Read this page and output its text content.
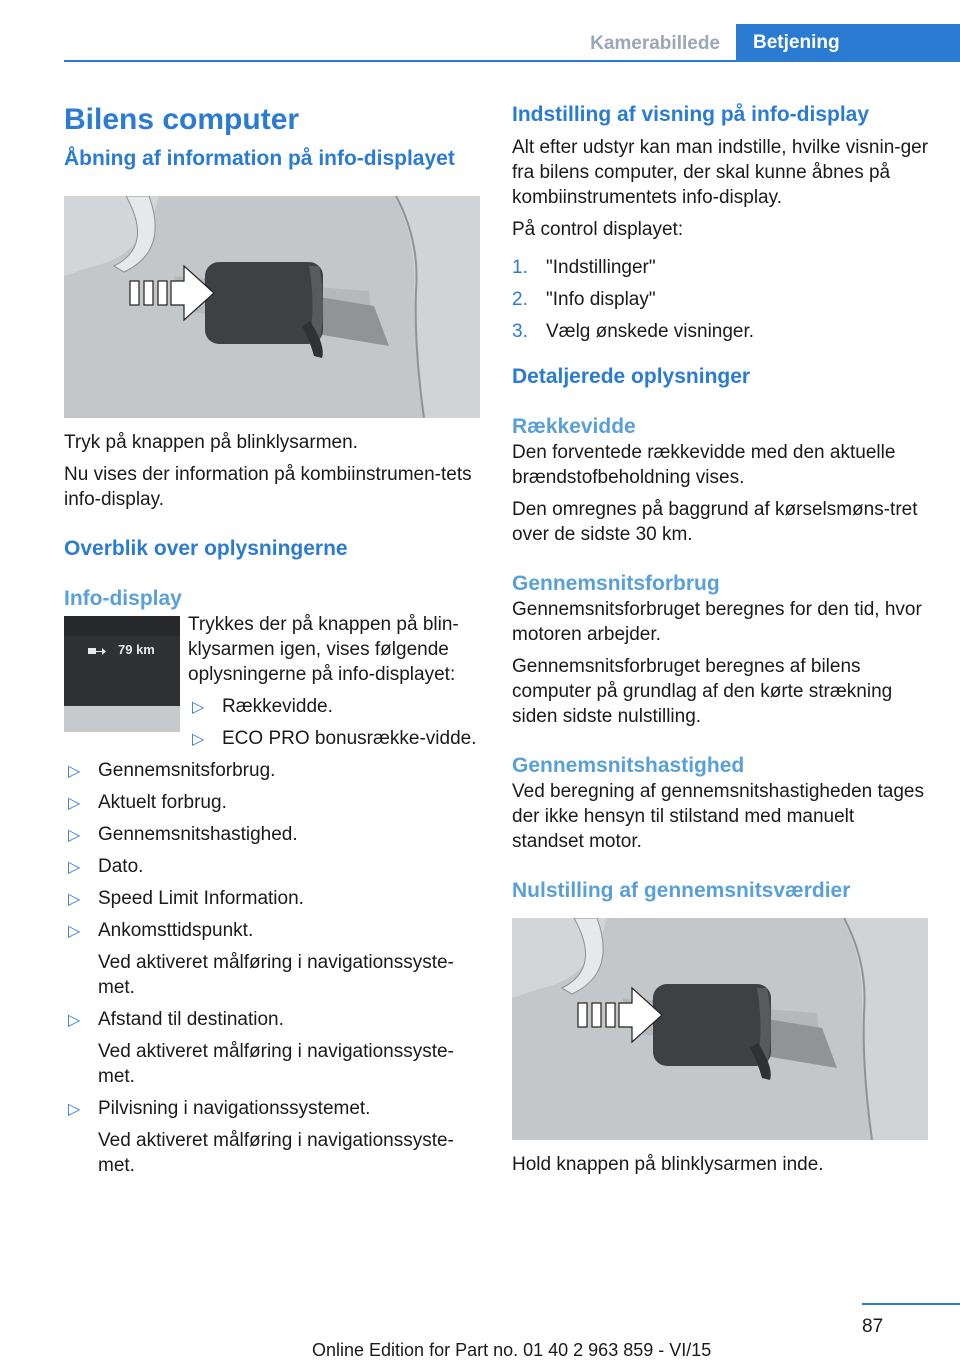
Kamerabillede	Betjening
Bilens computer
Åbning af information på info-displayet

Tryk på knappen på blinklysarmen.

Nu vises der information på kombiinstrumen-tets info-display.

Overblik over oplysningerne
Info-display
79 km

Trykkes der på knappen på blin-klysarmen igen, vises følgende oplysningerne på info-displayet:

▷ Rækkevidde.
▷ ECO PRO bonusrække-vidde.
▷ Gennemsnitsforbrug.
▷ Aktuelt forbrug.
▷ Gennemsnitshastighed.
▷ Dato.
▷ Speed Limit Information.
▷ Ankomsttidspunkt.
Ved aktiveret målføring i navigationssyste-met.
▷ Afstand til destination.
Ved aktiveret målføring i navigationssyste-met.
▷ Pilvisning i navigationssystemet.
Ved aktiveret målføring i navigationssyste-met.
Indstilling af visning på info-display

Alt efter udstyr kan man indstille, hvilke visnin-ger fra bilens computer, der skal kunne åbnes på kombiinstrumentets info-display.

På control displayet:

1. "Indstillinger"
2. "Info display"
3. Vælg ønskede visninger.
Detaljerede oplysninger
Rækkevidde

Den forventede rækkevidde med den aktuelle brændstofbeholdning vises.

Den omregnes på baggrund af kørselsmøns-tret over de sidste 30 km.

Gennemsnitsforbrug

Gennemsnitsforbruget beregnes for den tid, hvor motoren arbejder.

Gennemsnitsforbruget beregnes af bilens computer på grundlag af den kørte strækning siden sidste nulstilling.

Gennemsnitshastighed

Ved beregning af gennemsnitshastigheden tages der ikke hensyn til stilstand med manuelt standset motor.

Nulstilling af gennemsnitsværdier

Hold knappen på blinklysarmen inde.

87
Online Edition for Part no. 01 40 2 963 859 - VI/15
